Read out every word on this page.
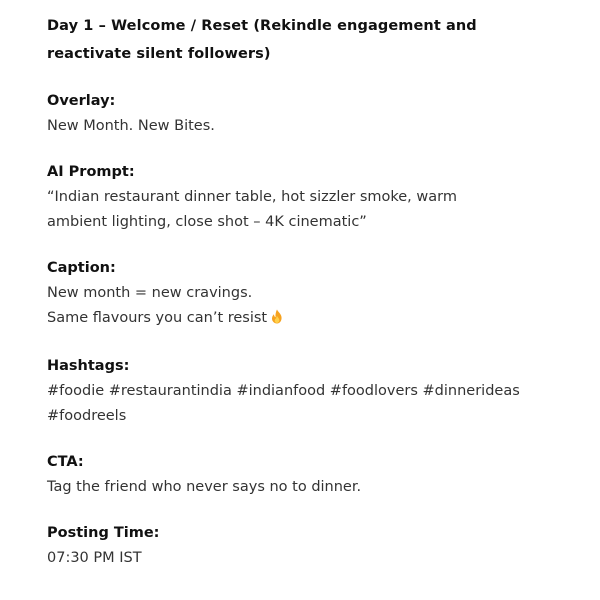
Day 1 – Welcome / Reset (Rekindle engagement and

reactivate silent followers)

Overlay:

New Month. New Bites.

AI Prompt:

“Indian restaurant dinner table, hot sizzler smoke, warm

ambient lighting, close shot – 4K cinematic”

Caption:

New month = new cravings.

Same flavours you can’t resist

Hashtags:

#foodie #restaurantindia #indianfood #foodlovers #dinnerideas

#foodreels

CTA:

Tag the friend who never says no to dinner.

Posting Time:

07:30 PM IST
